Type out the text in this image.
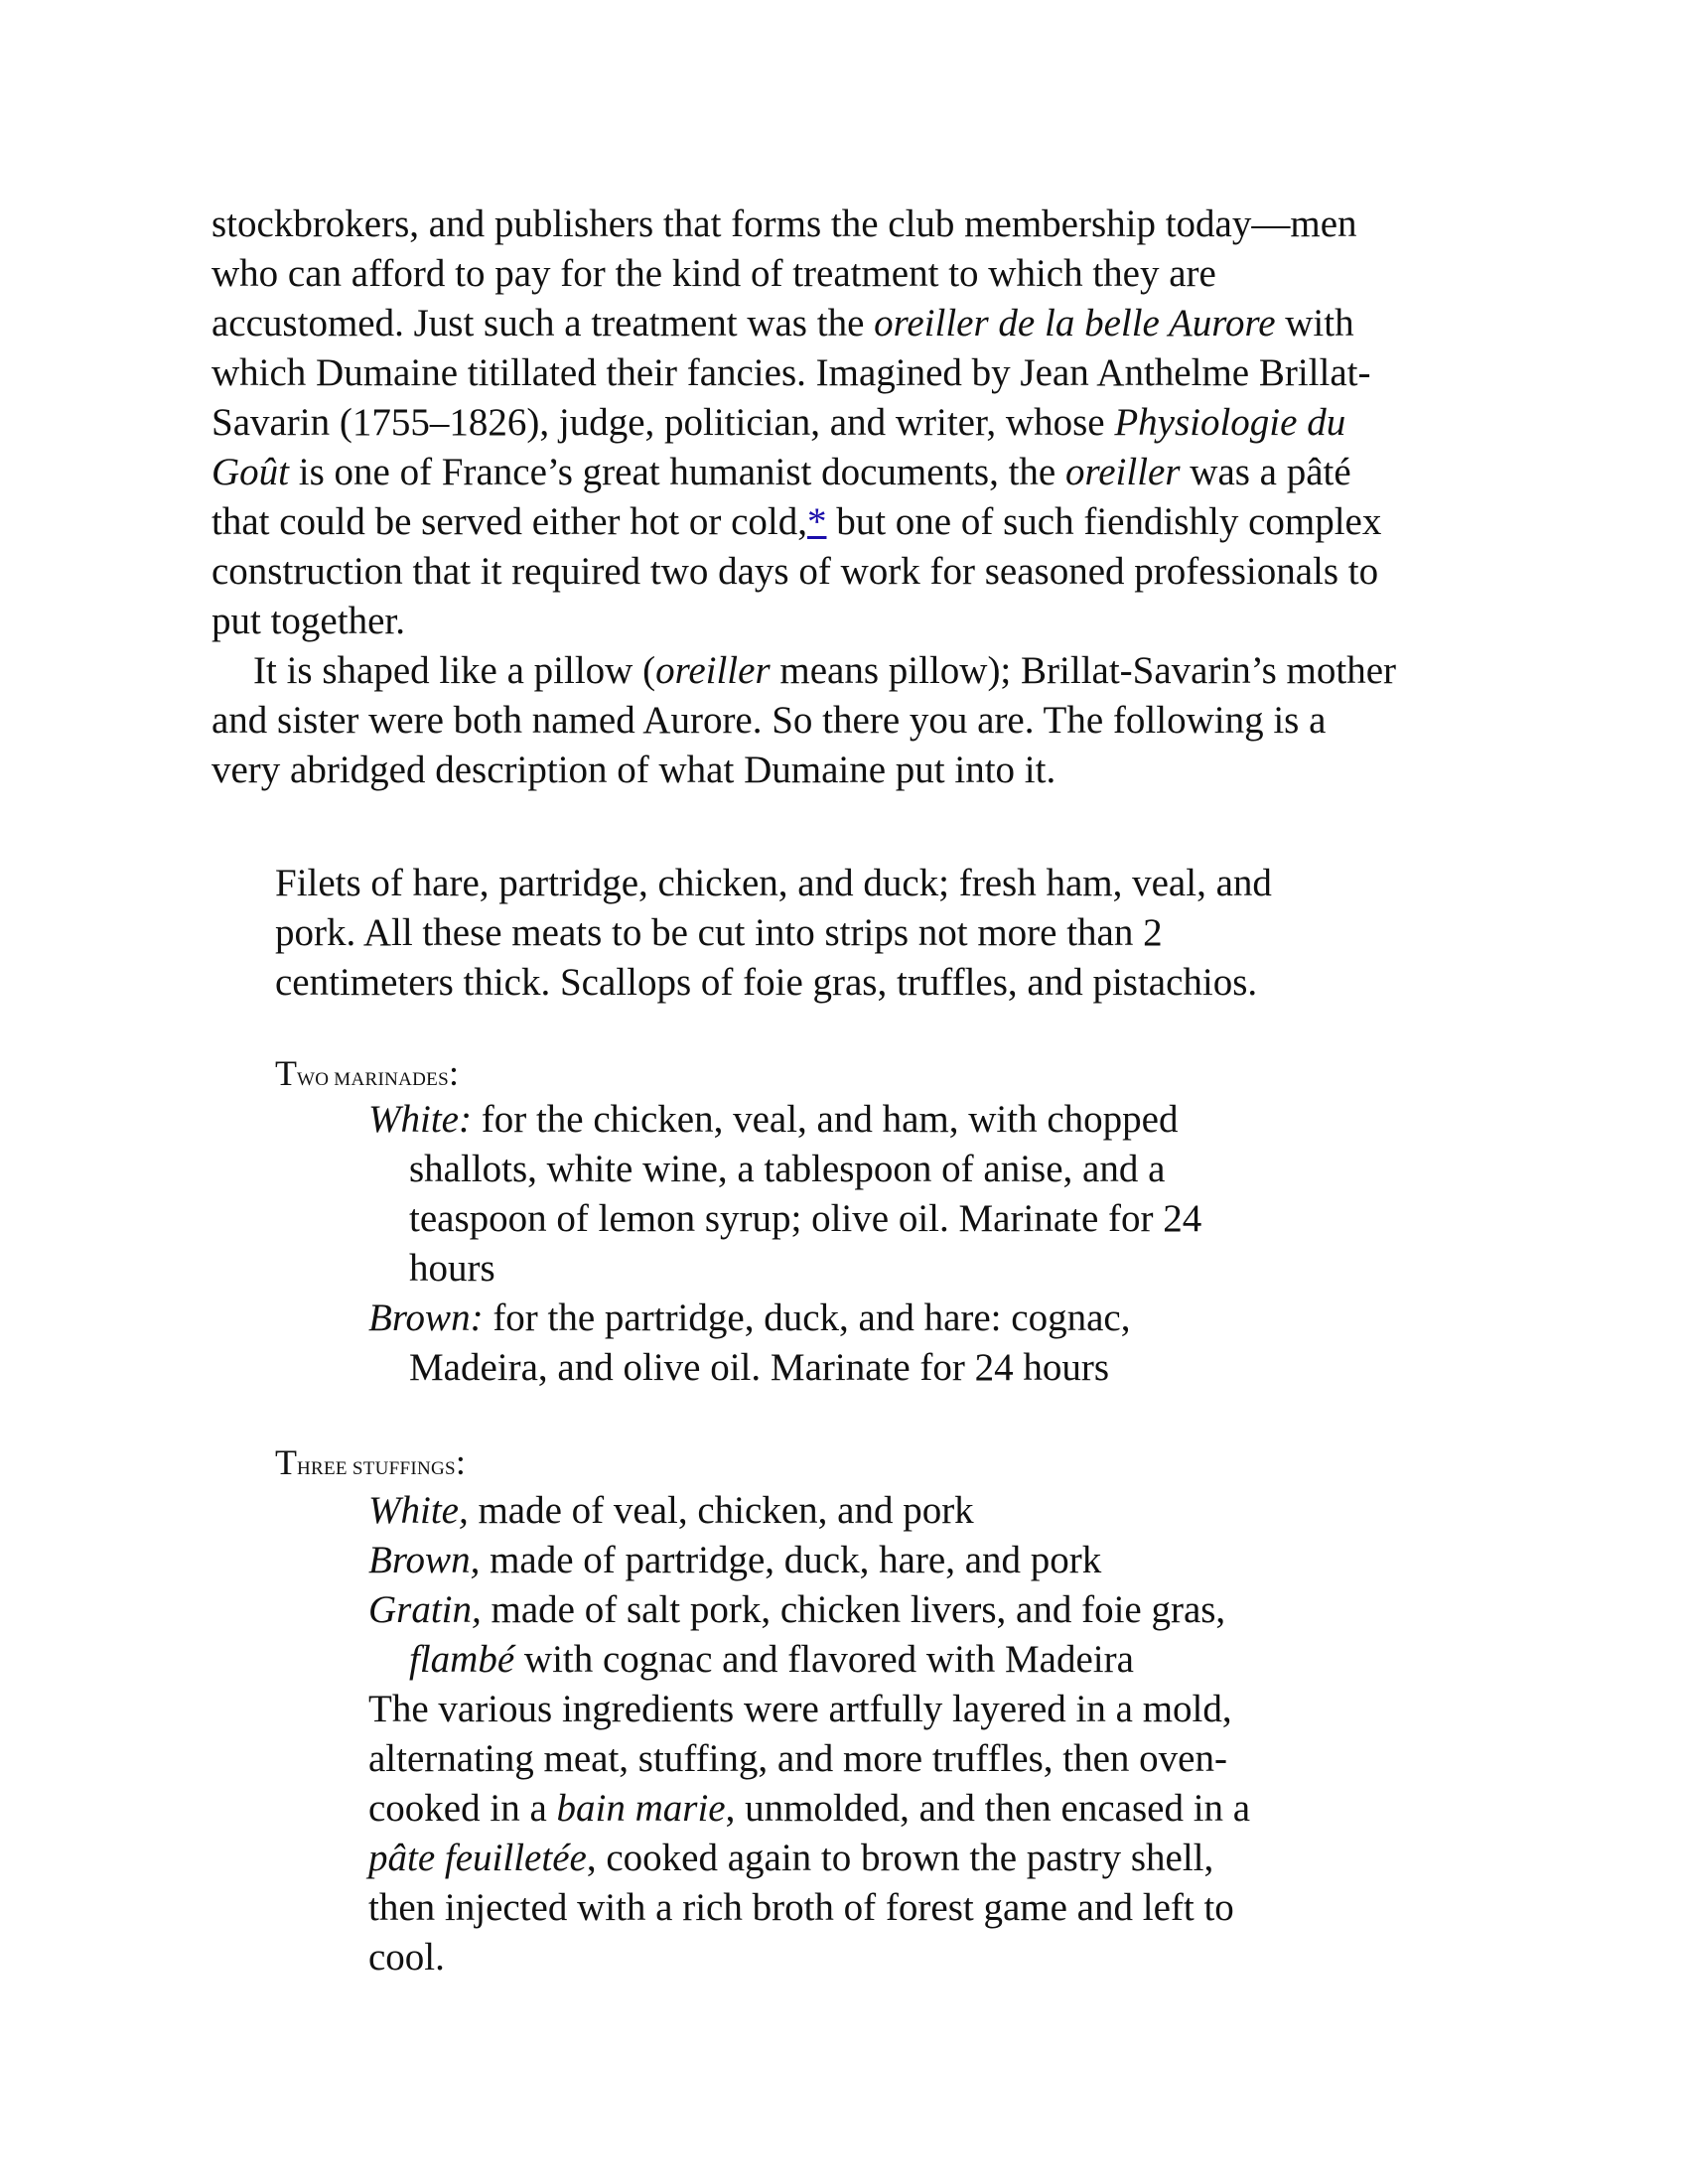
stockbrokers, and publishers that forms the club membership today—men
who can afford to pay for the kind of treatment to which they are
accustomed. Just such a treatment was the oreiller de la belle Aurore with
which Dumaine titillated their fancies. Imagined by Jean Anthelme Brillat-
Savarin (1755–1826), judge, politician, and writer, whose Physiologie du
Goût is one of France’s great humanist documents, the oreiller was a pâté
that could be served either hot or cold,* but one of such fiendishly complex
construction that it required two days of work for seasoned professionals to
put together.
It is shaped like a pillow (oreiller means pillow); Brillat-Savarin’s mother
and sister were both named Aurore. So there you are. The following is a
very abridged description of what Dumaine put into it.
Filets of hare, partridge, chicken, and duck; fresh ham, veal, and
pork. All these meats to be cut into strips not more than 2
centimeters thick. Scallops of foie gras, truffles, and pistachios.
TWO MARINADES:
White: for the chicken, veal, and ham, with chopped
shallots, white wine, a tablespoon of anise, and a
teaspoon of lemon syrup; olive oil. Marinate for 24
hours
Brown: for the partridge, duck, and hare: cognac,
Madeira, and olive oil. Marinate for 24 hours
THREE STUFFINGS:
White, made of veal, chicken, and pork
Brown, made of partridge, duck, hare, and pork
Gratin, made of salt pork, chicken livers, and foie gras,
flambé with cognac and flavored with Madeira
The various ingredients were artfully layered in a mold,
alternating meat, stuffing, and more truffles, then oven-
cooked in a bain marie, unmolded, and then encased in a
pâte feuilletée, cooked again to brown the pastry shell,
then injected with a rich broth of forest game and left to
cool.
